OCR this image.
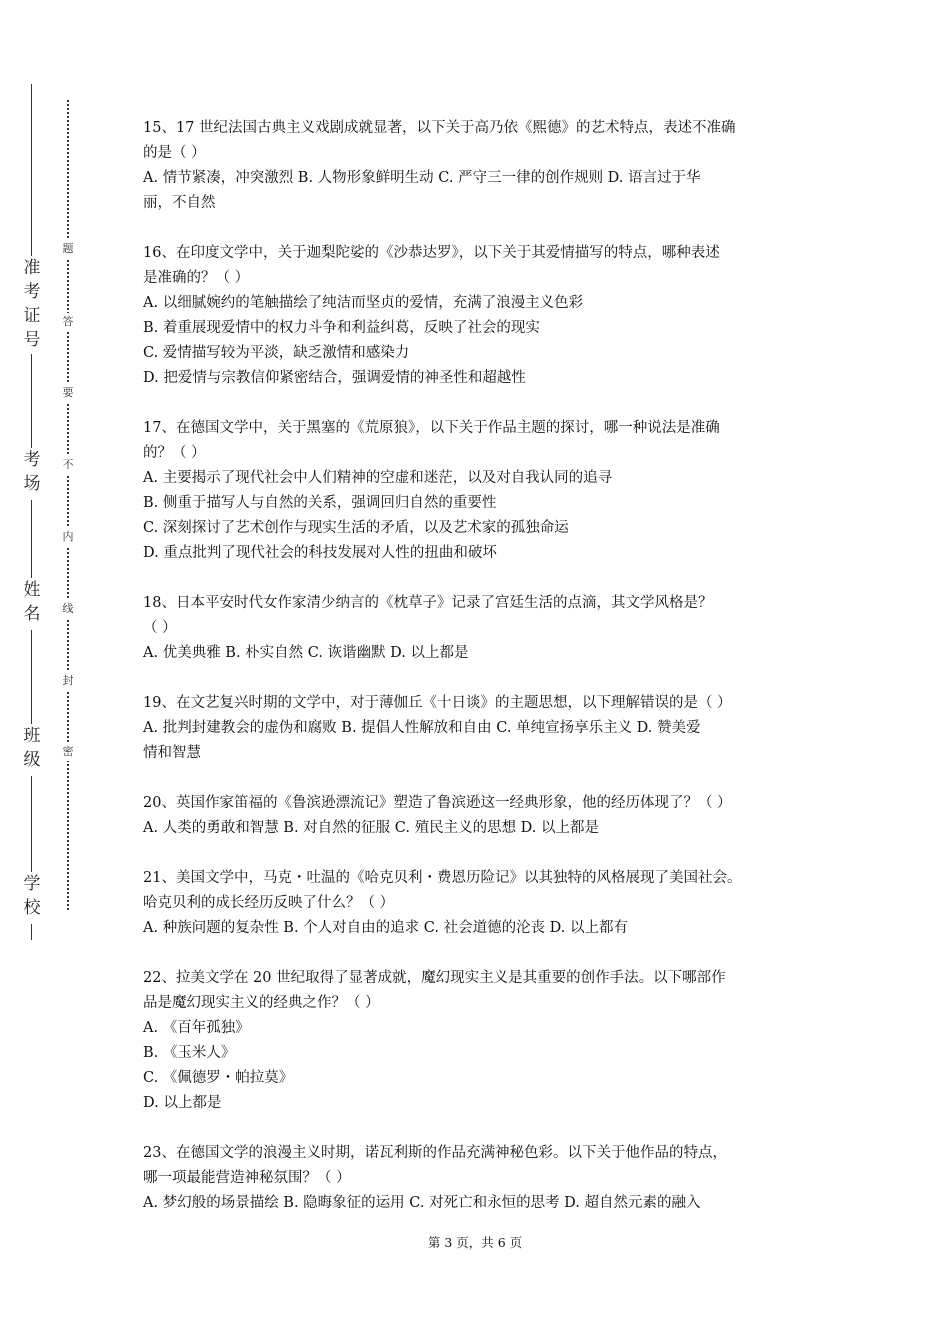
准考证号
考场
姓名
班级
学校
题
答
要
不
内
线
封
密
15、17 世纪法国古典主义戏剧成就显著，以下关于高乃依《熙德》的艺术特点，表述不准确
的是（ ）
A. 情节紧凑，冲突激烈 B. 人物形象鲜明生动 C. 严守三一律的创作规则 D. 语言过于华
丽，不自然
16、在印度文学中，关于迦梨陀娑的《沙恭达罗》，以下关于其爱情描写的特点，哪种表述
是准确的？（ ）
A. 以细腻婉约的笔触描绘了纯洁而坚贞的爱情，充满了浪漫主义色彩
B. 着重展现爱情中的权力斗争和利益纠葛，反映了社会的现实
C. 爱情描写较为平淡，缺乏激情和感染力
D. 把爱情与宗教信仰紧密结合，强调爱情的神圣性和超越性
17、在德国文学中，关于黑塞的《荒原狼》，以下关于作品主题的探讨，哪一种说法是准确
的？（ ）
A. 主要揭示了现代社会中人们精神的空虚和迷茫，以及对自我认同的追寻
B. 侧重于描写人与自然的关系，强调回归自然的重要性
C. 深刻探讨了艺术创作与现实生活的矛盾，以及艺术家的孤独命运
D. 重点批判了现代社会的科技发展对人性的扭曲和破坏
18、日本平安时代女作家清少纳言的《枕草子》记录了宫廷生活的点滴，其文学风格是？
（ ）
A. 优美典雅 B. 朴实自然 C. 诙谐幽默 D. 以上都是
19、在文艺复兴时期的文学中，对于薄伽丘《十日谈》的主题思想，以下理解错误的是（ ）
A. 批判封建教会的虚伪和腐败 B. 提倡人性解放和自由 C. 单纯宣扬享乐主义 D. 赞美爱
情和智慧
20、英国作家笛福的《鲁滨逊漂流记》塑造了鲁滨逊这一经典形象，他的经历体现了？（ ）
A. 人类的勇敢和智慧 B. 对自然的征服 C. 殖民主义的思想 D. 以上都是
21、美国文学中，马克・吐温的《哈克贝利・费恩历险记》以其独特的风格展现了美国社会。
哈克贝利的成长经历反映了什么？（ ）
A. 种族问题的复杂性 B. 个人对自由的追求 C. 社会道德的沦丧 D. 以上都有
22、拉美文学在 20 世纪取得了显著成就，魔幻现实主义是其重要的创作手法。以下哪部作
品是魔幻现实主义的经典之作？（ ）
A. 《百年孤独》
B. 《玉米人》
C. 《佩德罗・帕拉莫》
D. 以上都是
23、在德国文学的浪漫主义时期，诺瓦利斯的作品充满神秘色彩。以下关于他作品的特点，
哪一项最能营造神秘氛围？（ ）
A. 梦幻般的场景描绘 B. 隐晦象征的运用 C. 对死亡和永恒的思考 D. 超自然元素的融入
第 3 页，共 6 页
